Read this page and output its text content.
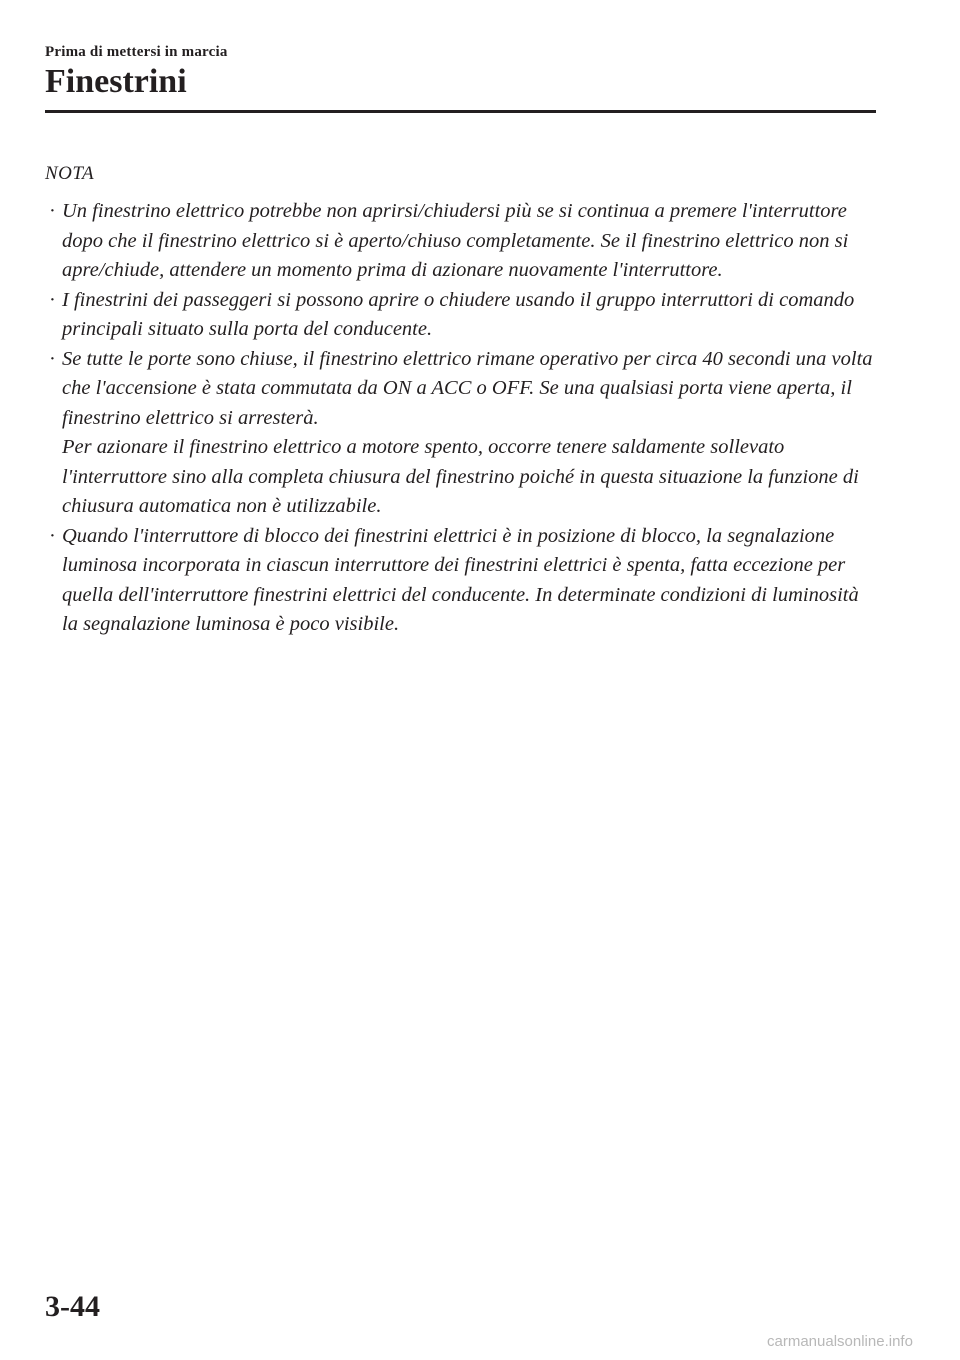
Prima di mettersi in marcia
Finestrini
NOTA
· Un finestrino elettrico potrebbe non aprirsi/chiudersi più se si continua a premere l'interruttore dopo che il finestrino elettrico si è aperto/chiuso completamente. Se il finestrino elettrico non si apre/chiude, attendere un momento prima di azionare nuovamente l'interruttore.
· I finestrini dei passeggeri si possono aprire o chiudere usando il gruppo interruttori di comando principali situato sulla porta del conducente.
· Se tutte le porte sono chiuse, il finestrino elettrico rimane operativo per circa 40 secondi una volta che l'accensione è stata commutata da ON a ACC o OFF. Se una qualsiasi porta viene aperta, il finestrino elettrico si arresterà.
Per azionare il finestrino elettrico a motore spento, occorre tenere saldamente sollevato l'interruttore sino alla completa chiusura del finestrino poiché in questa situazione la funzione di chiusura automatica non è utilizzabile.
· Quando l'interruttore di blocco dei finestrini elettrici è in posizione di blocco, la segnalazione luminosa incorporata in ciascun interruttore dei finestrini elettrici è spenta, fatta eccezione per quella dell'interruttore finestrini elettrici del conducente. In determinate condizioni di luminosità la segnalazione luminosa è poco visibile.
3-44
carmanualsonline.info
